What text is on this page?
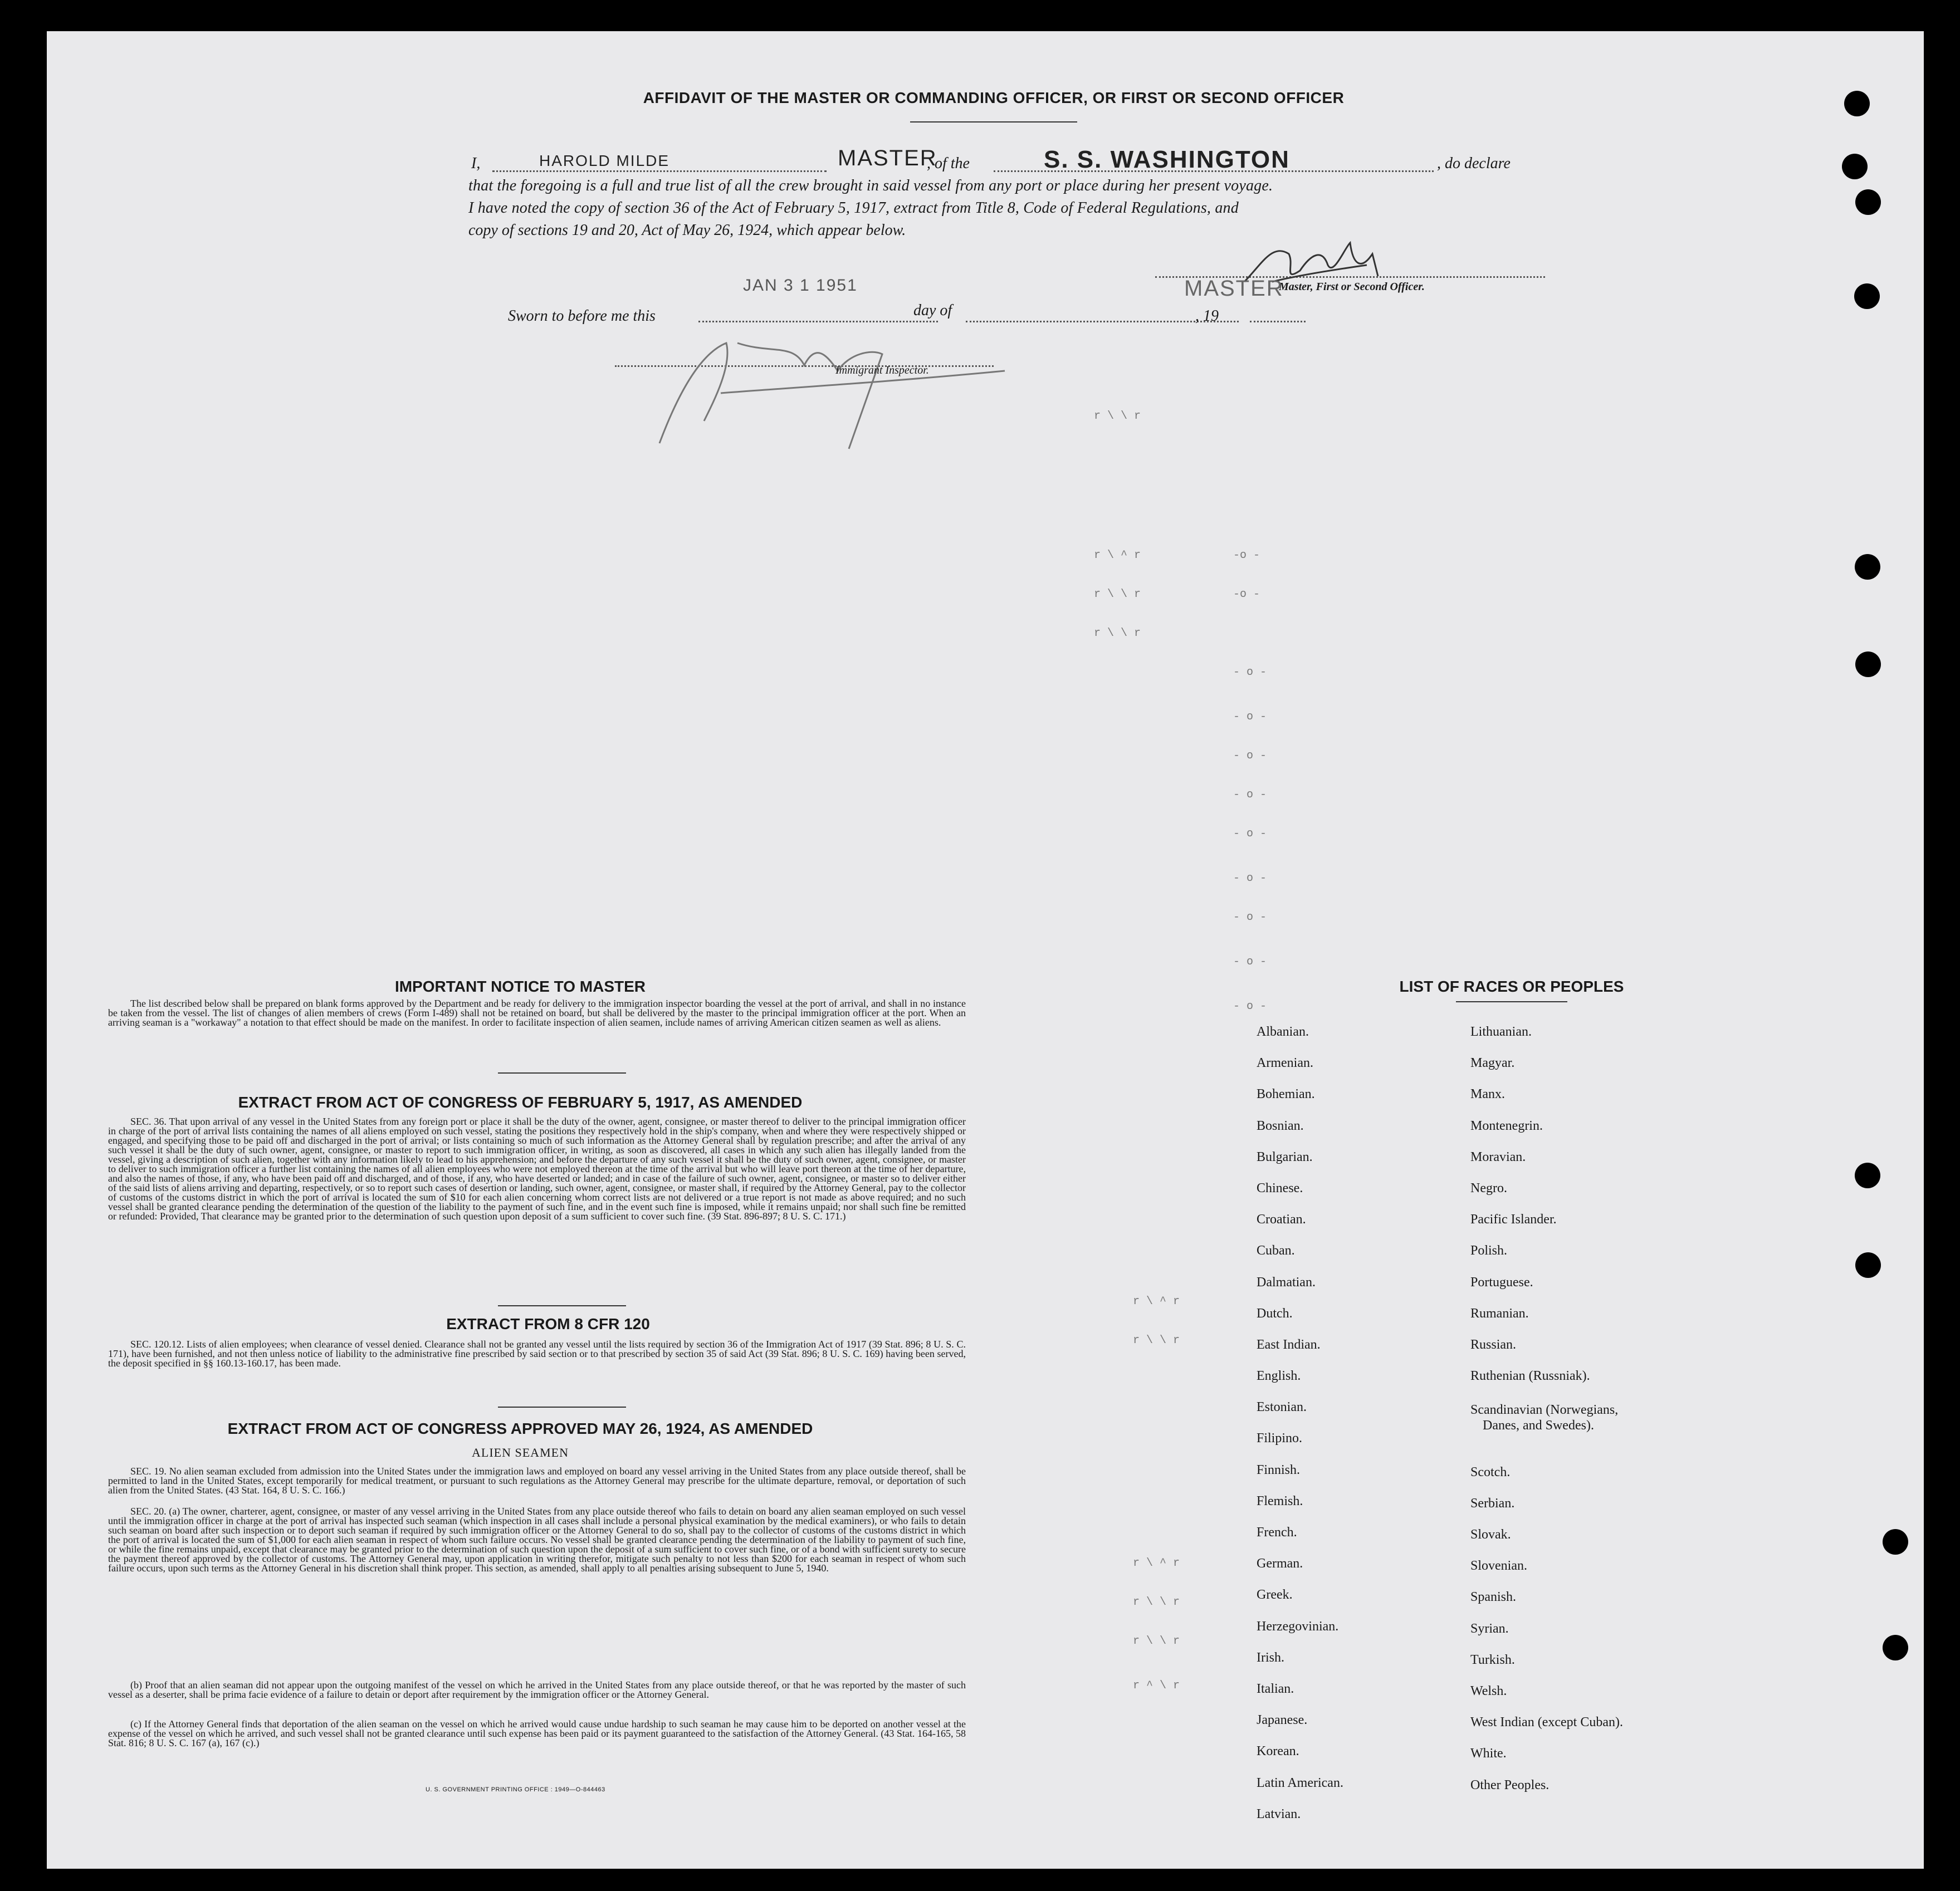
AFFIDAVIT OF THE MASTER OR COMMANDING OFFICER, OR FIRST OR SECOND OFFICER
I,	HAROLD MILDE	MASTER
, of the	S. S. WASHINGTON	, do declare
that the foregoing is a full and true list of all the crew brought in said vessel from any port or place during her present voyage.
I have noted the copy of section 36 of the Act of February 5, 1917, extract from Title 8, Code of Federal Regulations, and
copy of sections 19 and 20, Act of May 26, 1924, which appear below.
Master, First or Second Officer.
MASTER
JAN 3 1 1951
Sworn to before me this	day of	, 19
Immigrant Inspector.
r \ \ r
r \ ^ r
r \ \ r
r \ \ r
-o -
-o -
- o -
- o -
- o -
- o -
- o -
- o -
- o -
- o -
- o -
r \ ^ r
r \ \ r
r \ ^ r
r \ \ r
r \ \ r
r ^ \ r
IMPORTANT NOTICE TO MASTER
The list described below shall be prepared on blank forms approved by the Department and be ready for delivery to the immigration inspector boarding the vessel at the port of arrival, and shall in no instance be taken from the vessel. The list of changes of alien members of crews (Form I-489) shall not be retained on board, but shall be delivered by the master to the principal immigration officer at the port. When an arriving seaman is a "workaway" a notation to that effect should be made on the manifest. In order to facilitate inspection of alien seamen, include names of arriving American citizen seamen as well as aliens.
EXTRACT FROM ACT OF CONGRESS OF FEBRUARY 5, 1917, AS AMENDED
SEC. 36. That upon arrival of any vessel in the United States from any foreign port or place it shall be the duty of the owner, agent, consignee, or master thereof to deliver to the principal immigration officer in charge of the port of arrival lists containing the names of all aliens employed on such vessel, stating the positions they respectively hold in the ship's company, when and where they were respectively shipped or engaged, and specifying those to be paid off and discharged in the port of arrival; or lists containing so much of such information as the Attorney General shall by regulation prescribe; and after the arrival of any such vessel it shall be the duty of such owner, agent, consignee, or master to report to such immigration officer, in writing, as soon as discovered, all cases in which any such alien has illegally landed from the vessel, giving a description of such alien, together with any information likely to lead to his apprehension; and before the departure of any such vessel it shall be the duty of such owner, agent, consignee, or master to deliver to such immigration officer a further list containing the names of all alien employees who were not employed thereon at the time of the arrival but who will leave port thereon at the time of her departure, and also the names of those, if any, who have been paid off and discharged, and of those, if any, who have deserted or landed; and in case of the failure of such owner, agent, consignee, or master so to deliver either of the said lists of aliens arriving and departing, respectively, or so to report such cases of desertion or landing, such owner, agent, consignee, or master shall, if required by the Attorney General, pay to the collector of customs of the customs district in which the port of arrival is located the sum of $10 for each alien concerning whom correct lists are not delivered or a true report is not made as above required; and no such vessel shall be granted clearance pending the determination of the question of the liability to the payment of such fine, and in the event such fine is imposed, while it remains unpaid; nor shall such fine be remitted or refunded: Provided, That clearance may be granted prior to the determination of such question upon deposit of a sum sufficient to cover such fine. (39 Stat. 896-897; 8 U. S. C. 171.)
EXTRACT FROM 8 CFR 120
SEC. 120.12. Lists of alien employees; when clearance of vessel denied. Clearance shall not be granted any vessel until the lists required by section 36 of the Immigration Act of 1917 (39 Stat. 896; 8 U. S. C. 171), have been furnished, and not then unless notice of liability to the administrative fine prescribed by said section or to that prescribed by section 35 of said Act (39 Stat. 896; 8 U. S. C. 169) having been served, the deposit specified in §§ 160.13-160.17, has been made.
EXTRACT FROM ACT OF CONGRESS APPROVED MAY 26, 1924, AS AMENDED
ALIEN SEAMEN
SEC. 19. No alien seaman excluded from admission into the United States under the immigration laws and employed on board any vessel arriving in the United States from any place outside thereof, shall be permitted to land in the United States, except temporarily for medical treatment, or pursuant to such regulations as the Attorney General may prescribe for the ultimate departure, removal, or deportation of such alien from the United States. (43 Stat. 164, 8 U. S. C. 166.)
SEC. 20. (a) The owner, charterer, agent, consignee, or master of any vessel arriving in the United States from any place outside thereof who fails to detain on board any alien seaman employed on such vessel until the immigration officer in charge at the port of arrival has inspected such seaman (which inspection in all cases shall include a personal physical examination by the medical examiners), or who fails to detain such seaman on board after such inspection or to deport such seaman if required by such immigration officer or the Attorney General to do so, shall pay to the collector of customs of the customs district in which the port of arrival is located the sum of $1,000 for each alien seaman in respect of whom such failure occurs. No vessel shall be granted clearance pending the determination of the liability to payment of such fine, or while the fine remains unpaid, except that clearance may be granted prior to the determination of such question upon the deposit of a sum sufficient to cover such fine, or of a bond with sufficient surety to secure the payment thereof approved by the collector of customs. The Attorney General may, upon application in writing therefor, mitigate such penalty to not less than $200 for each seaman in respect of whom such failure occurs, upon such terms as the Attorney General in his discretion shall think proper. This section, as amended, shall apply to all penalties arising subsequent to June 5, 1940.
(b) Proof that an alien seaman did not appear upon the outgoing manifest of the vessel on which he arrived in the United States from any place outside thereof, or that he was reported by the master of such vessel as a deserter, shall be prima facie evidence of a failure to detain or deport after requirement by the immigration officer or the Attorney General.
(c) If the Attorney General finds that deportation of the alien seaman on the vessel on which he arrived would cause undue hardship to such seaman he may cause him to be deported on another vessel at the expense of the vessel on which he arrived, and such vessel shall not be granted clearance until such expense has been paid or its payment guaranteed to the satisfaction of the Attorney General. (43 Stat. 164-165, 58 Stat. 816; 8 U. S. C. 167 (a), 167 (c).)
U. S. GOVERNMENT PRINTING OFFICE : 1949—O-844463
LIST OF RACES OR PEOPLES
Albanian.
Armenian.
Bohemian.
Bosnian.
Bulgarian.
Chinese.
Croatian.
Cuban.
Dalmatian.
Dutch.
East Indian.
English.
Estonian.
Filipino.
Finnish.
Flemish.
French.
German.
Greek.
Herzegovinian.
Irish.
Italian.
Japanese.
Korean.
Latin American.
Latvian.
Lithuanian.
Magyar.
Manx.
Montenegrin.
Moravian.
Negro.
Pacific Islander.
Polish.
Portuguese.
Rumanian.
Russian.
Ruthenian (Russniak).
Scandinavian (Norwegians,
Danes, and Swedes).
Scotch.
Serbian.
Slovak.
Slovenian.
Spanish.
Syrian.
Turkish.
Welsh.
West Indian (except Cuban).
White.
Other Peoples.
